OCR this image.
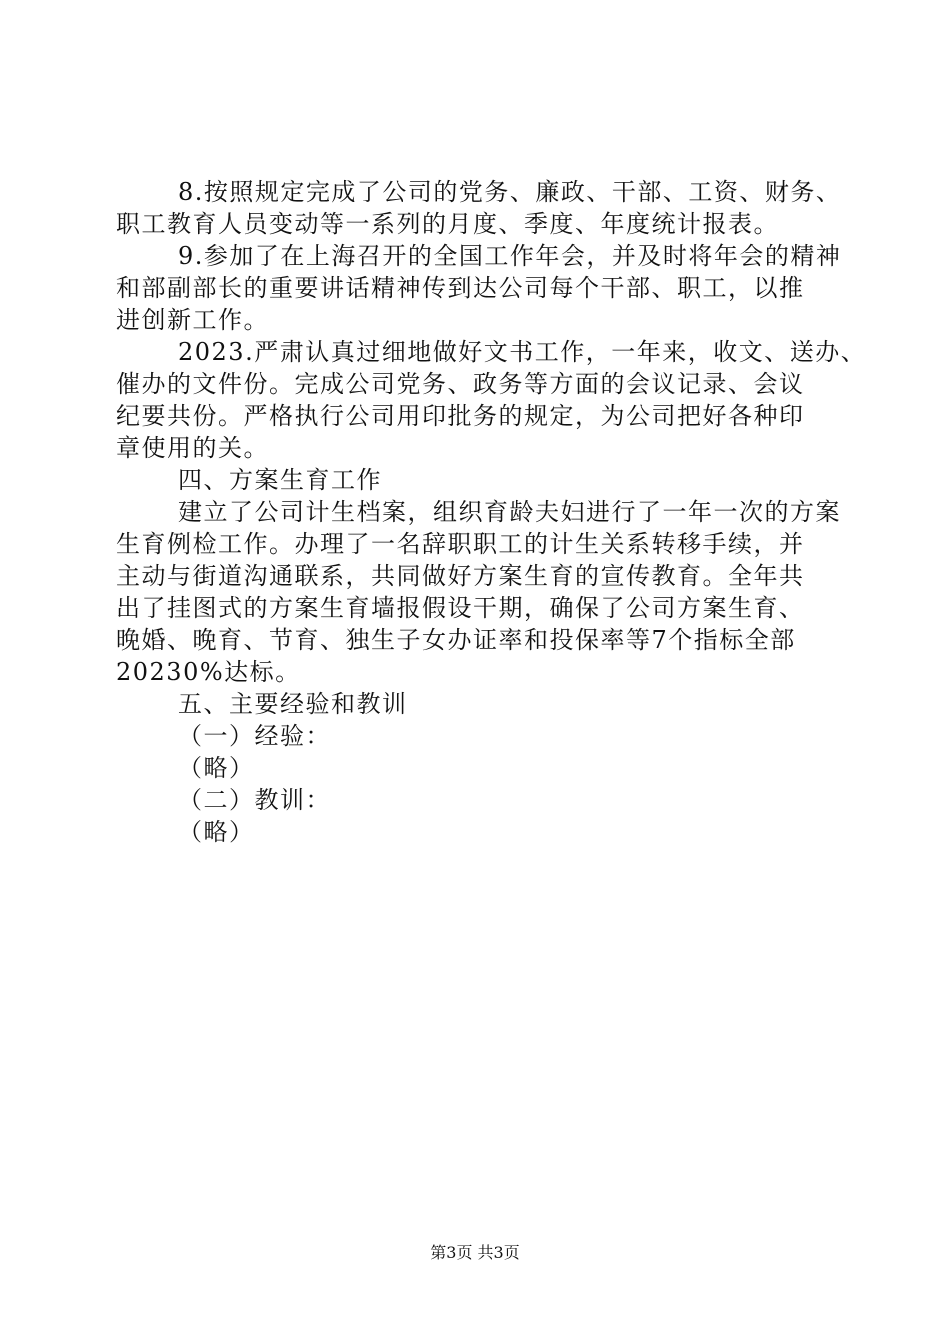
8.按照规定完成了公司的党务、廉政、干部、工资、财务、
职工教育人员变动等一系列的月度、季度、年度统计报表。
9.参加了在上海召开的全国工作年会，并及时将年会的精神
和部副部长的重要讲话精神传到达公司每个干部、职工，以推
进创新工作。
2023.严肃认真过细地做好文书工作，一年来，收文、送办、
催办的文件份。完成公司党务、政务等方面的会议记录、会议
纪要共份。严格执行公司用印批务的规定，为公司把好各种印
章使用的关。
四、方案生育工作
建立了公司计生档案，组织育龄夫妇进行了一年一次的方案
生育例检工作。办理了一名辞职职工的计生关系转移手续，并
主动与街道沟通联系，共同做好方案生育的宣传教育。全年共
出了挂图式的方案生育墙报假设干期，确保了公司方案生育、
晚婚、晚育、节育、独生子女办证率和投保率等7个指标全部
20230%达标。
五、主要经验和教训
（一）经验：
（略）
（二）教训：
（略）
第3页 共3页
